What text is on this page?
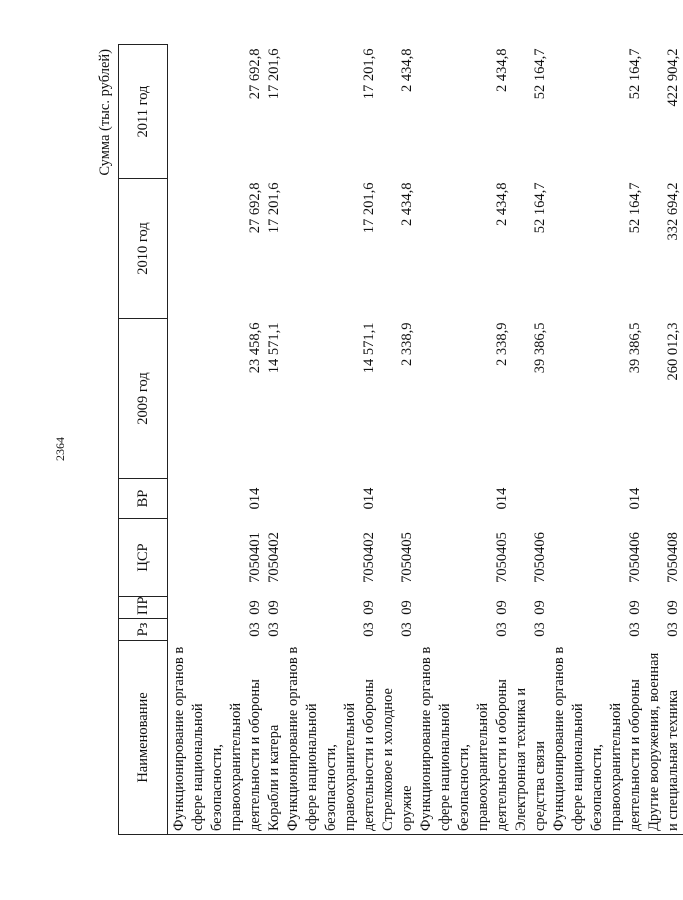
2364
Сумма (тыс. рублей)
Наименование	Рз	ПР	ЦСР	ВР	2009 год	2010 год	2011 год
Функционирование органов в сфере национальной безопасности, правоохранительной деятельности и обороны	03	09	7050401	014	23 458,6	27 692,8	27 692,8
Корабли и катера	03	09	7050402		14 571,1	17 201,6	17 201,6
Функционирование органов в сфере национальной безопасности, правоохранительной деятельности и обороны	03	09	7050402	014	14 571,1	17 201,6	17 201,6
Стрелковое и холодное оружие	03	09	7050405		2 338,9	2 434,8	2 434,8
Функционирование органов в сфере национальной безопасности, правоохранительной деятельности и обороны	03	09	7050405	014	2 338,9	2 434,8	2 434,8
Электронная техника и средства связи	03	09	7050406		39 386,5	52 164,7	52 164,7
Функционирование органов в сфере национальной безопасности, правоохранительной деятельности и обороны	03	09	7050406	014	39 386,5	52 164,7	52 164,7
Другие вооружения, военная и специальная техника	03	09	7050408		260 012,3	332 694,2	422 904,2
